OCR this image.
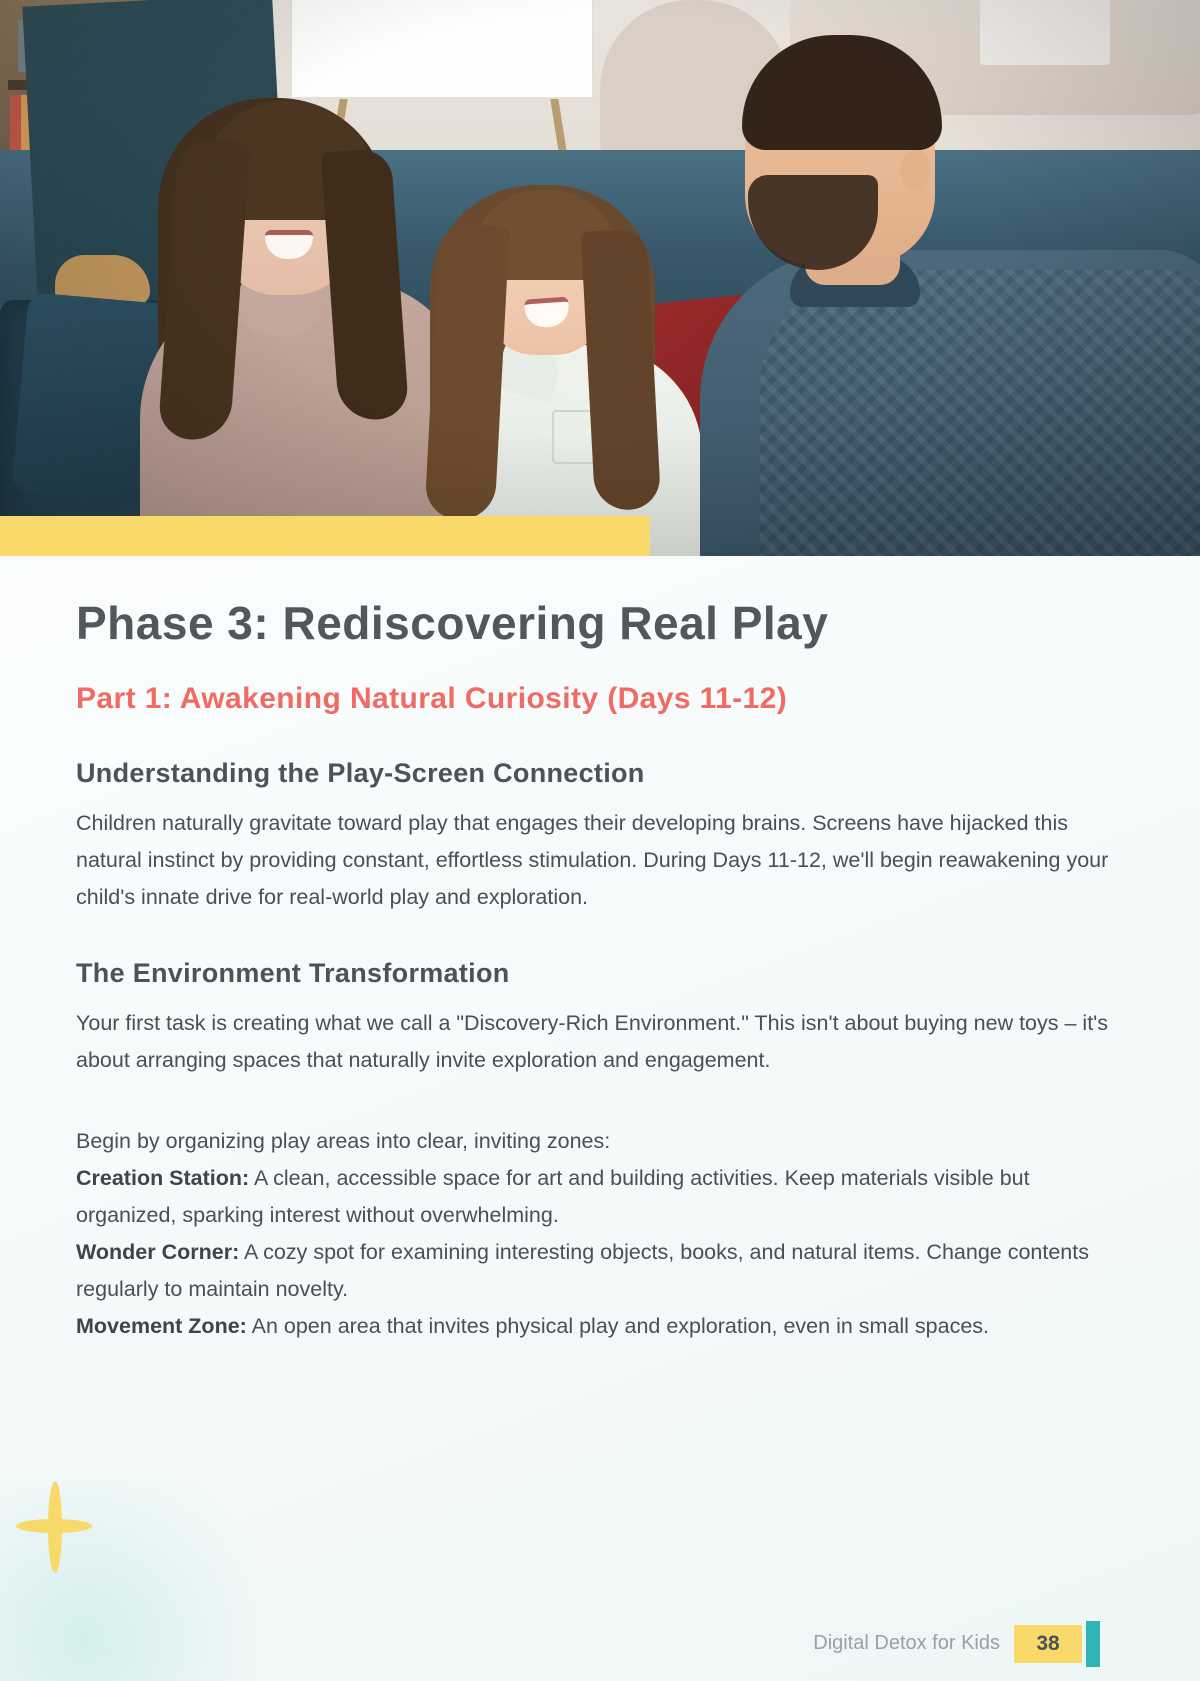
Phase 3: Rediscovering Real Play
Part 1: Awakening Natural Curiosity (Days 11-12)
Understanding the Play-Screen Connection

Children naturally gravitate toward play that engages their developing brains. Screens have hijacked this natural instinct by providing constant, effortless stimulation. During Days 11-12, we'll begin reawakening your child's innate drive for real-world play and exploration.

The Environment Transformation

Your first task is creating what we call a "Discovery-Rich Environment." This isn't about buying new toys – it's about arranging spaces that naturally invite exploration and engagement.

Begin by organizing play areas into clear, inviting zones:

Creation Station: A clean, accessible space for art and building activities. Keep materials visible but organized, sparking interest without overwhelming.

Wonder Corner: A cozy spot for examining interesting objects, books, and natural items. Change contents regularly to maintain novelty.

Movement Zone: An open area that invites physical play and exploration, even in small spaces.

Digital Detox for Kids	38
